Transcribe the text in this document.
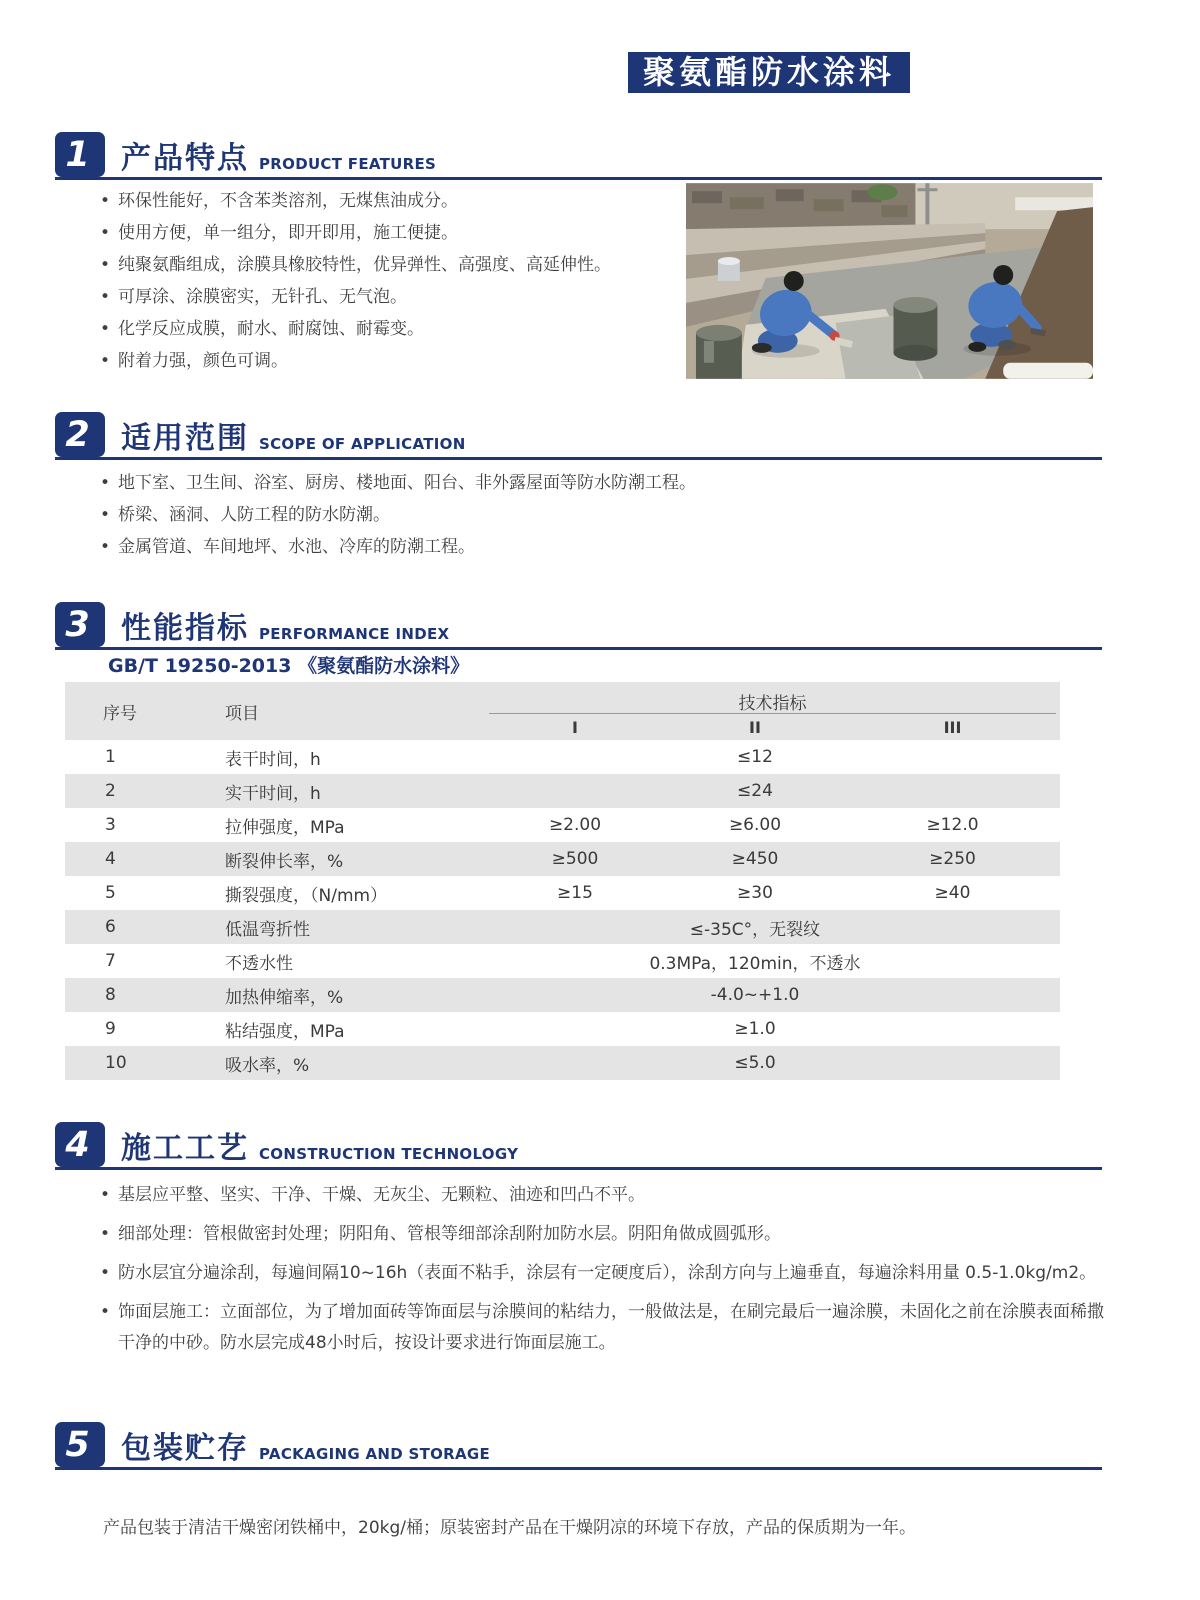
聚氨酯防水涂料
1	产品特点 PRODUCT FEATURES
• 环保性能好，不含苯类溶剂，无煤焦油成分。
• 使用方便，单一组分，即开即用，施工便捷。
• 纯聚氨酯组成，涂膜具橡胶特性，优异弹性、高强度、高延伸性。
• 可厚涂、涂膜密实，无针孔、无气泡。
• 化学反应成膜，耐水、耐腐蚀、耐霉变。
• 附着力强，颜色可调。
2	适用范围 SCOPE OF APPLICATION
• 地下室、卫生间、浴室、厨房、楼地面、阳台、非外露屋面等防水防潮工程。
• 桥梁、涵洞、人防工程的防水防潮。
• 金属管道、车间地坪、水池、冷库的防潮工程。
3	性能指标 PERFORMANCE INDEX
GB/T 19250-2013 《聚氨酯防水涂料》
序号	项目	技术指标
I	II	III
1	表干时间，h	≤12
2	实干时间，h	≤24
3	拉伸强度，MPa	≥2.00	≥6.00	≥12.0
4	断裂伸长率，%	≥500	≥450	≥250
5	撕裂强度，（N/mm）	≥15	≥30	≥40
6	低温弯折性	≤-35C°，无裂纹
7	不透水性	0.3MPa，120min，不透水
8	加热伸缩率，%	-4.0~+1.0
9	粘结强度，MPa	≥1.0
10	吸水率，%	≤5.0
4	施工工艺 CONSTRUCTION TECHNOLOGY
• 基层应平整、坚实、干净、干燥、无灰尘、无颗粒、油迹和凹凸不平。
• 细部处理：管根做密封处理；阴阳角、管根等细部涂刮附加防水层。阴阳角做成圆弧形。
• 防水层宜分遍涂刮，每遍间隔10~16h（表面不粘手，涂层有一定硬度后），涂刮方向与上遍垂直，每遍涂料用量 0.5-1.0kg/m2。
• 饰面层施工：立面部位，为了增加面砖等饰面层与涂膜间的粘结力，一般做法是，在刷完最后一遍涂膜，未固化之前在涂膜表面稀撒干净的中砂。防水层完成48小时后，按设计要求进行饰面层施工。
5	包装贮存 PACKAGING AND STORAGE

产品包装于清洁干燥密闭铁桶中，20kg/桶；原装密封产品在干燥阴凉的环境下存放，产品的保质期为一年。
